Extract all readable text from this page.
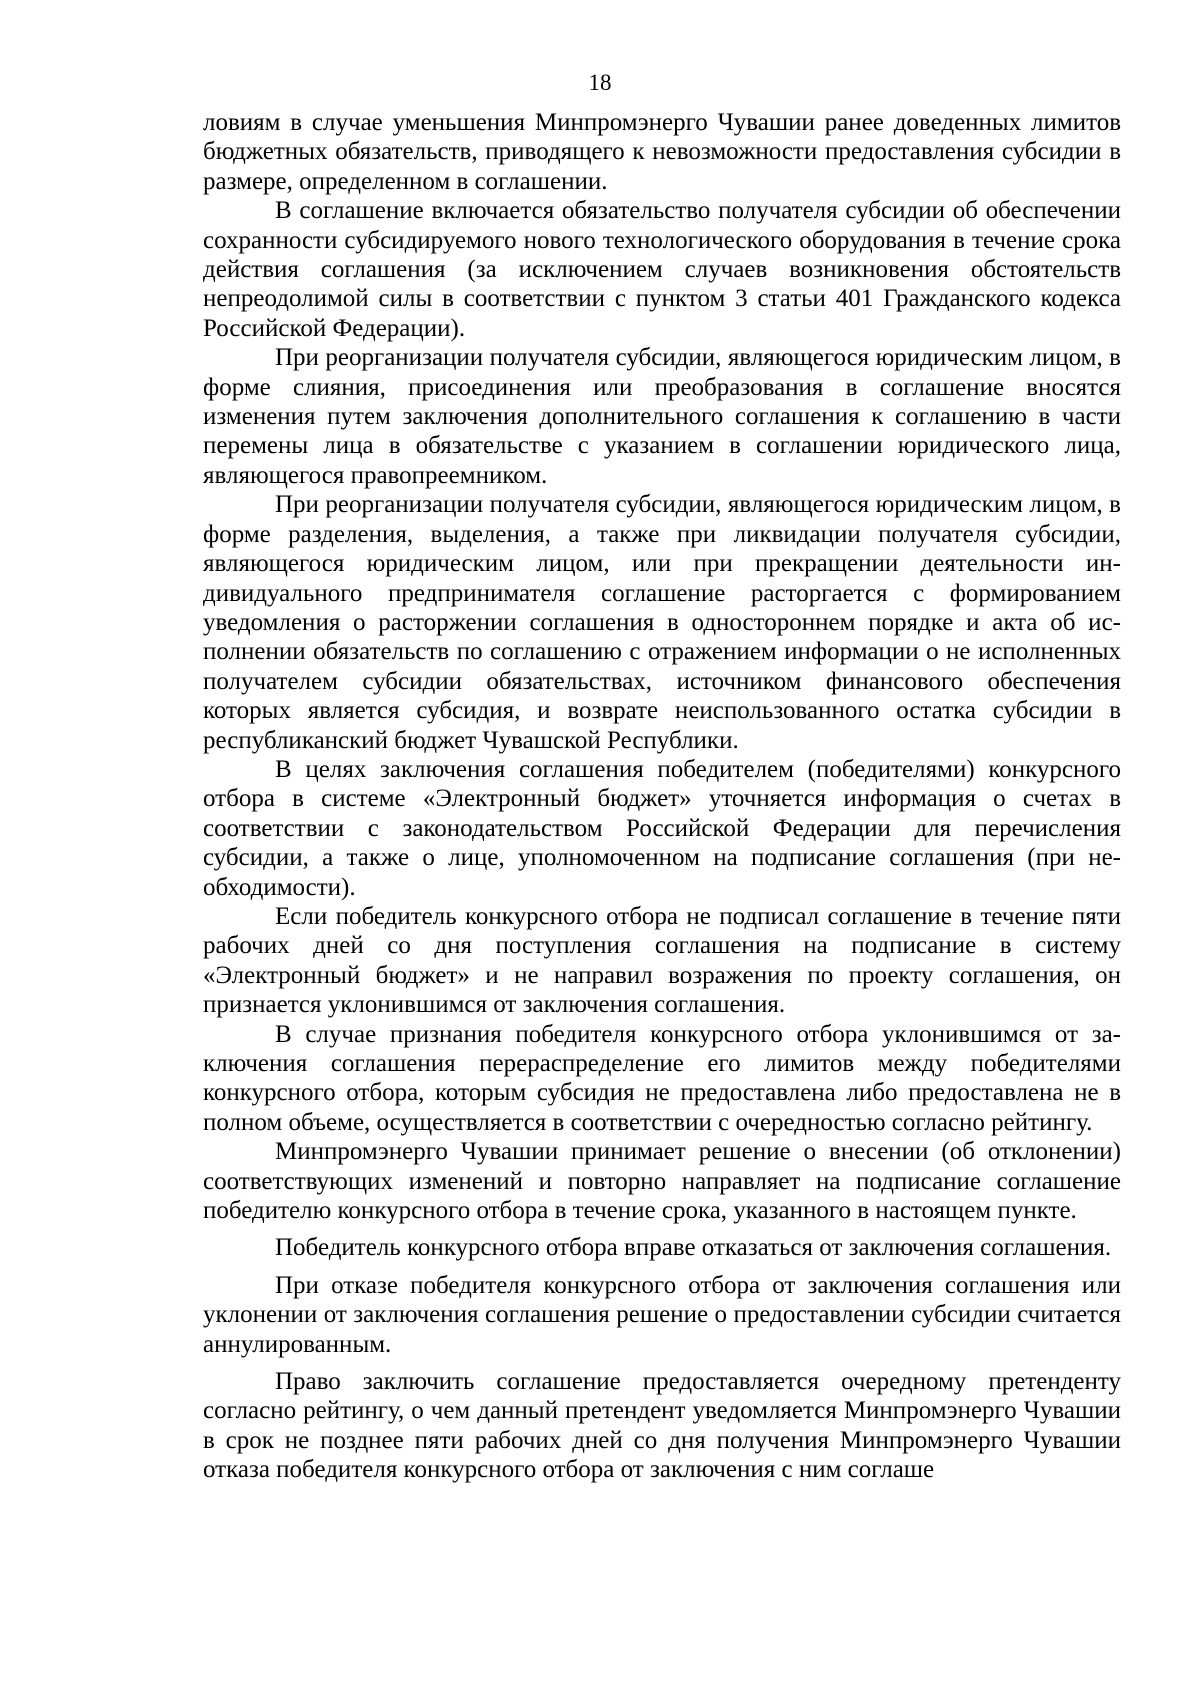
18

ловиям в случае уменьшения Минпромэнерго Чувашии ранее доведенных лимитов бюджетных обязательств, приводящего к невозможности предоставления субсидии в размере, определенном в соглашении.

В соглашение включается обязательство получателя субсидии об обеспечении сохранности субсидируемого нового технологического оборудования в течение срока действия соглашения (за исключением случаев возникновения обстоятельств непреодолимой силы в соответствии с пунктом 3 статьи 401 Гражданского кодекса Российской Федерации).

При реорганизации получателя субсидии, являющегося юридическим лицом, в форме слияния, присоединения или преобразования в соглашение вносятся изменения путем заключения дополнительного соглашения к соглашению в части перемены лица в обязательстве с указанием в соглашении юридического лица, являющегося правопреемником.

При реорганизации получателя субсидии, являющегося юридическим лицом, в форме разделения, выделения, а также при ликвидации получателя субсидии, являющегося юридическим лицом, или при прекращении деятельности индивидуального предпринимателя соглашение расторгается с формированием уведомления о расторжении соглашения в одностороннем порядке и акта об исполнении обязательств по соглашению с отражением информации о не исполненных получателем субсидии обязательствах, источником финансового обеспечения которых является субсидия, и возврате неиспользованного остатка субсидии в республиканский бюджет Чувашской Республики.

В целях заключения соглашения победителем (победителями) конкурсного отбора в системе «Электронный бюджет» уточняется информация о счетах в соответствии с законодательством Российской Федерации для перечисления субсидии, а также о лице, уполномоченном на подписание соглашения (при необходимости).

Если победитель конкурсного отбора не подписал соглашение в течение пяти рабочих дней со дня поступления соглашения на подписание в систему «Электронный бюджет» и не направил возражения по проекту соглашения, он признается уклонившимся от заключения соглашения.

В случае признания победителя конкурсного отбора уклонившимся от заключения соглашения перераспределение его лимитов между победителями конкурсного отбора, которым субсидия не предоставлена либо предоставлена не в полном объеме, осуществляется в соответствии с очередностью согласно рейтингу.

Минпромэнерго Чувашии принимает решение о внесении (об отклонении) соответствующих изменений и повторно направляет на подписание соглашение победителю конкурсного отбора в течение срока, указанного в настоящем пункте.

Победитель конкурсного отбора вправе отказаться от заключения соглашения.

При отказе победителя конкурсного отбора от заключения соглашения или уклонении от заключения соглашения решение о предоставлении субсидии считается аннулированным.

Право заключить соглашение предоставляется очередному претенденту согласно рейтингу, о чем данный претендент уведомляется Минпромэнерго Чувашии в срок не позднее пяти рабочих дней со дня получения Минпромэнерго Чувашии отказа победителя конкурсного отбора от заключения с ним соглаше
